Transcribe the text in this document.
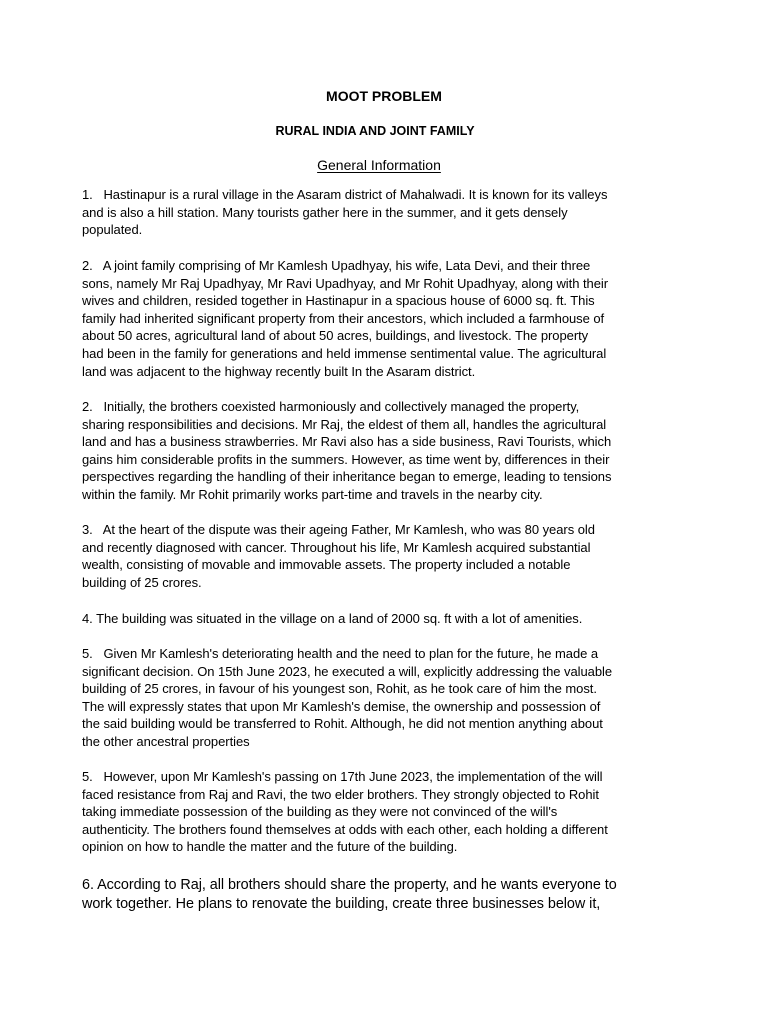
MOOT PROBLEM
RURAL INDIA AND JOINT FAMILY
General Information
1. Hastinapur is a rural village in the Asaram district of Mahalwadi. It is known for its valleys
and is also a hill station. Many tourists gather here in the summer, and it gets densely
populated.
2. A joint family comprising of Mr Kamlesh Upadhyay, his wife, Lata Devi, and their three
sons, namely Mr Raj Upadhyay, Mr Ravi Upadhyay, and Mr Rohit Upadhyay, along with their
wives and children, resided together in Hastinapur in a spacious house of 6000 sq. ft. This
family had inherited significant property from their ancestors, which included a farmhouse of
about 50 acres, agricultural land of about 50 acres, buildings, and livestock. The property
had been in the family for generations and held immense sentimental value. The agricultural
land was adjacent to the highway recently built In the Asaram district.
2. Initially, the brothers coexisted harmoniously and collectively managed the property,
sharing responsibilities and decisions. Mr Raj, the eldest of them all, handles the agricultural
land and has a business strawberries. Mr Ravi also has a side business, Ravi Tourists, which
gains him considerable profits in the summers. However, as time went by, differences in their
perspectives regarding the handling of their inheritance began to emerge, leading to tensions
within the family. Mr Rohit primarily works part-time and travels in the nearby city.
3. At the heart of the dispute was their ageing Father, Mr Kamlesh, who was 80 years old
and recently diagnosed with cancer. Throughout his life, Mr Kamlesh acquired substantial
wealth, consisting of movable and immovable assets. The property included a notable
building of 25 crores.
4. The building was situated in the village on a land of 2000 sq. ft with a lot of amenities.
5. Given Mr Kamlesh's deteriorating health and the need to plan for the future, he made a
significant decision. On 15th June 2023, he executed a will, explicitly addressing the valuable
building of 25 crores, in favour of his youngest son, Rohit, as he took care of him the most.
The will expressly states that upon Mr Kamlesh's demise, the ownership and possession of
the said building would be transferred to Rohit. Although, he did not mention anything about
the other ancestral properties
5. However, upon Mr Kamlesh's passing on 17th June 2023, the implementation of the will
faced resistance from Raj and Ravi, the two elder brothers. They strongly objected to Rohit
taking immediate possession of the building as they were not convinced of the will's
authenticity. The brothers found themselves at odds with each other, each holding a different
opinion on how to handle the matter and the future of the building.
6. According to Raj, all brothers should share the property, and he wants everyone to
work together. He plans to renovate the building, create three businesses below it,
